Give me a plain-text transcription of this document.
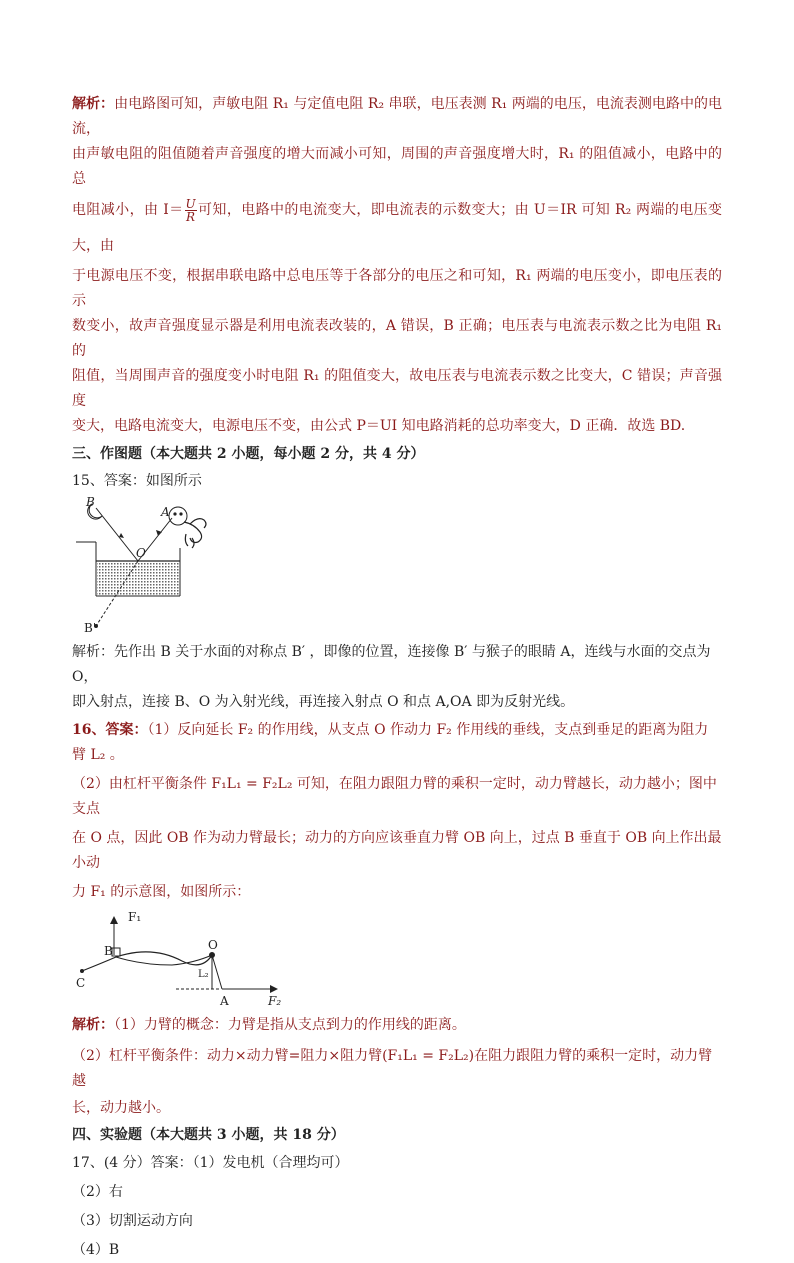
解析：由电路图可知，声敏电阻 R₁ 与定值电阻 R₂ 串联，电压表测 R₁ 两端的电压，电流表测电路中的电流，

由声敏电阻的阻值随着声音强度的增大而减小可知，周围的声音强度增大时，R₁ 的阻值减小，电路中的总

电阻减小，由 $I= \frac{U}{R}$ 可知，电路中的电流变大，即电流表的示数变大；由 U＝IR 可知 R₂ 两端的电压变大，由

于电源电压不变，根据串联电路中总电压等于各部分的电压之和可知，R₁ 两端的电压变小，即电压表的示

数变小，故声音强度显示器是利用电流表改装的，A 错误，B 正确；电压表与电流表示数之比为电阻 R₁ 的

阻值，当周围声音的强度变小时电阻 R₁ 的阻值变大，故电压表与电流表示数之比变大，C 错误；声音强度

变大，电路电流变大，电源电压不变，由公式 P＝UI 知电路消耗的总功率变大，D 正确．故选 BD.

三、作图题（本大题共 2 小题，每小题 2 分，共 4 分）

15、答案：如图所示

B
A
O
B'

解析：先作出 B 关于水面的对称点 B′ ，即像的位置，连接像 B′ 与猴子的眼睛 A，连线与水面的交点为 O，

即入射点，连接 B、O 为入射光线，再连接入射点 O 和点 A,OA 即为反射光线。

16、答案：（1）反向延长 F₂ 的作用线，从支点 O 作动力 F₂ 作用线的垂线，支点到垂足的距离为阻力臂 L₂ 。

（2）由杠杆平衡条件 F₁L₁ = F₂L₂ 可知，在阻力跟阻力臂的乘积一定时，动力臂越长，动力越小；图中支点

在 O 点，因此 OB 作为动力臂最长；动力的方向应该垂直力臂 OB 向上，过点 B 垂直于 OB 向上作出最小动

力 F₁ 的示意图，如图所示：

F₁
B	O
C
L₂
A	F₂

解析：（1）力臂的概念：力臂是指从支点到力的作用线的距离。

（2）杠杆平衡条件：动力×动力臂=阻力×阻力臂(F₁L₁ = F₂L₂)在阻力跟阻力臂的乘积一定时，动力臂越

长，动力越小。

四、实验题（本大题共 3 小题，共 18 分）

17、(4 分）答案：（1）发电机（合理均可）

（2）右

（3）切割运动方向

（4）B
